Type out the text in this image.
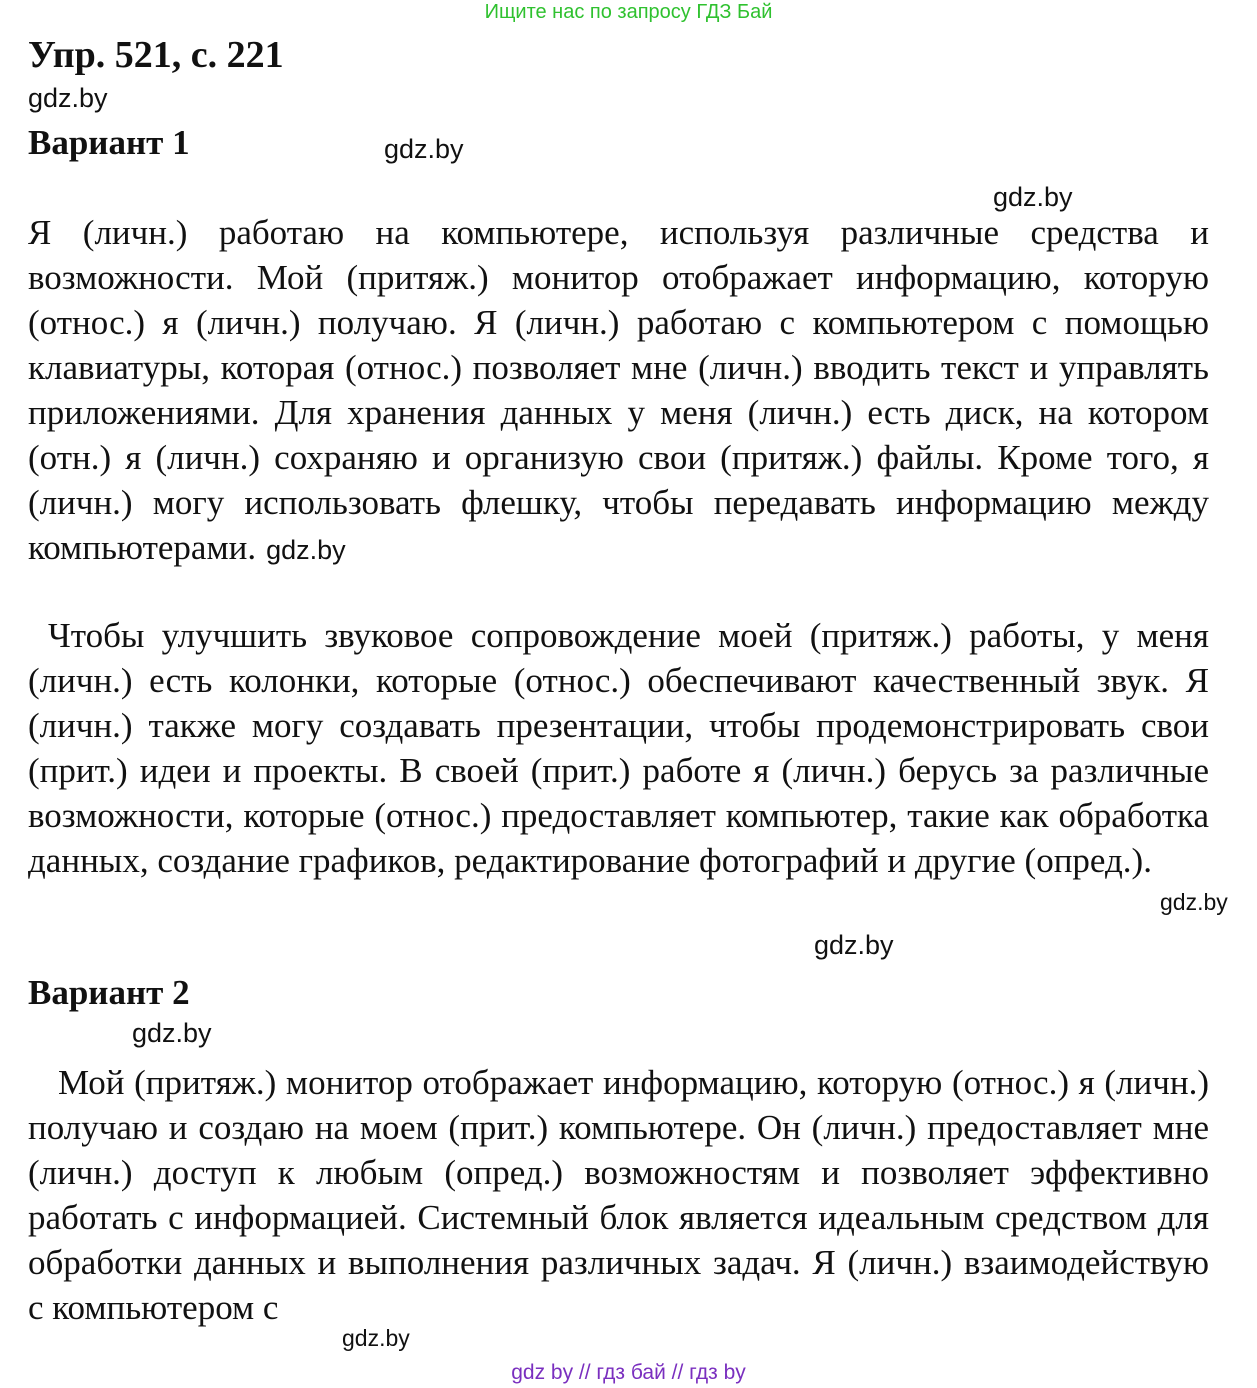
Ищите нас по запросу ГДЗ Бай
Упр. 521, с. 221
gdz.by
Вариант 1	gdz.by
gdz.by

Я (личн.) работаю на компьютере, используя различные средства и возможности. Мой (притяж.) монитор отображает информацию, которую (относ.) я (личн.) получаю. Я (личн.) работаю с компьютером с помощью клавиатуры, которая (относ.) позволяет мне (личн.) вводить текст и управлять приложениями. Для хранения данных у меня (личн.) есть диск, на котором (отн.) я (личн.) сохраняю и организую свои (притяж.) файлы. Кроме того, я (личн.) могу использовать флешку, чтобы передавать информацию между компьютерами. gdz.by

Чтобы улучшить звуковое сопровождение моей (притяж.) работы, у меня (личн.) есть колонки, которые (относ.) обеспечивают качественный звук. Я (личн.) также могу создавать презентации, чтобы продемонстрировать свои (прит.) идеи и проекты. В своей (прит.) работе я (личн.) берусь за различные возможности, которые (относ.) предоставляет компьютер, такие как обработка данных, создание графиков, редактирование фотографий и другие (опред.).

gdz.by
gdz.by
Вариант 2
gdz.by

Мой (притяж.) монитор отображает информацию, которую (относ.) я (личн.) получаю и создаю на моем (прит.) компьютере. Он (личн.) предоставляет мне (личн.) доступ к любым (опред.) возможностям и позволяет эффективно работать с информацией. Системный блок является идеальным средством для обработки данных и выполнения различных задач. Я (личн.) взаимодействую с компьютером с

gdz.by
gdz by // гдз бай // гдз by
